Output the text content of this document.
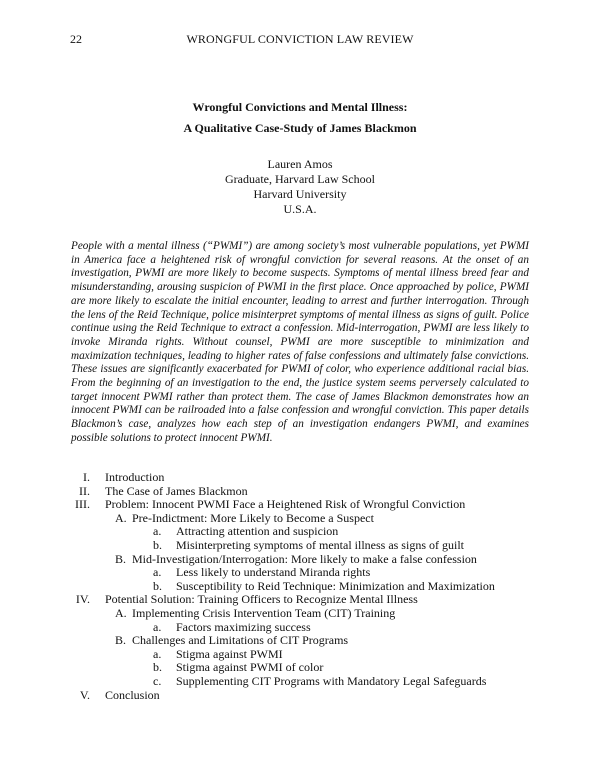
22	WRONGFUL CONVICTION LAW REVIEW
Wrongful Convictions and Mental Illness:
A Qualitative Case-Study of James Blackmon
Lauren Amos
Graduate, Harvard Law School
Harvard University
U.S.A.
People with a mental illness (“PWMI”) are among society’s most vulnerable populations, yet PWMI in America face a heightened risk of wrongful conviction for several reasons. At the onset of an investigation, PWMI are more likely to become suspects. Symptoms of mental illness breed fear and misunderstanding, arousing suspicion of PWMI in the first place. Once approached by police, PWMI are more likely to escalate the initial encounter, leading to arrest and further interrogation. Through the lens of the Reid Technique, police misinterpret symptoms of mental illness as signs of guilt. Police continue using the Reid Technique to extract a confession. Mid-interrogation, PWMI are less likely to invoke Miranda rights. Without counsel, PWMI are more susceptible to minimization and maximization techniques, leading to higher rates of false confessions and ultimately false convictions. These issues are significantly exacerbated for PWMI of color, who experience additional racial bias. From the beginning of an investigation to the end, the justice system seems perversely calculated to target innocent PWMI rather than protect them. The case of James Blackmon demonstrates how an innocent PWMI can be railroaded into a false confession and wrongful conviction. This paper details Blackmon’s case, analyzes how each step of an investigation endangers PWMI, and examines possible solutions to protect innocent PWMI.
I. Introduction
II. The Case of James Blackmon
III. Problem: Innocent PWMI Face a Heightened Risk of Wrongful Conviction
A. Pre-Indictment: More Likely to Become a Suspect
a. Attracting attention and suspicion
b. Misinterpreting symptoms of mental illness as signs of guilt
B. Mid-Investigation/Interrogation: More likely to make a false confession
a. Less likely to understand Miranda rights
b. Susceptibility to Reid Technique: Minimization and Maximization
IV. Potential Solution: Training Officers to Recognize Mental Illness
A. Implementing Crisis Intervention Team (CIT) Training
a. Factors maximizing success
B. Challenges and Limitations of CIT Programs
a. Stigma against PWMI
b. Stigma against PWMI of color
c. Supplementing CIT Programs with Mandatory Legal Safeguards
V. Conclusion
